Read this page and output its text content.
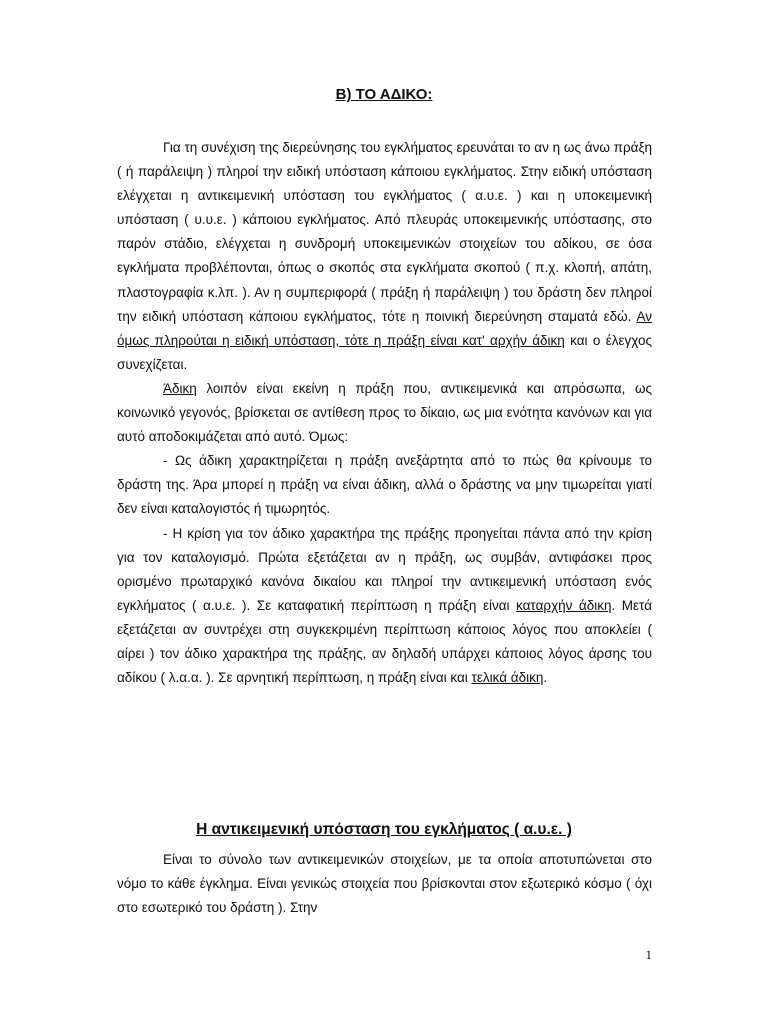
Β) ΤΟ ΑΔΙΚΟ:

Για τη συνέχιση της διερεύνησης του εγκλήματος ερευνάται το αν η ως άνω πράξη ( ή παράλειψη ) πληροί την ειδική υπόσταση κάποιου εγκλήματος. Στην ειδική υπόσταση ελέγχεται η αντικειμενική υπόσταση του εγκλήματος ( α.υ.ε. ) και η υποκειμενική υπόσταση ( υ.υ.ε. ) κάποιου εγκλήματος. Από πλευράς υποκειμενικής υπόστασης, στο παρόν στάδιο, ελέγχεται η συνδρομή υποκειμενικών στοιχείων του αδίκου, σε όσα εγκλήματα προβλέπονται, όπως ο σκοπός στα εγκλήματα σκοπού ( π.χ. κλοπή, απάτη, πλαστογραφία κ.λπ. ). Αν η συμπεριφορά ( πράξη ή παράλειψη ) του δράστη δεν πληροί την ειδική υπόσταση κάποιου εγκλήματος, τότε η ποινική διερεύνηση σταματά εδώ. Αν όμως πληρούται η ειδική υπόσταση, τότε η πράξη είναι κατ' αρχήν άδικη και ο έλεγχος συνεχίζεται.

Άδικη λοιπόν είναι εκείνη η πράξη που, αντικειμενικά και απρόσωπα, ως κοινωνικό γεγονός, βρίσκεται σε αντίθεση προς το δίκαιο, ως μια ενότητα κανόνων και για αυτό αποδοκιμάζεται από αυτό. Όμως:

- Ως άδικη χαρακτηρίζεται η πράξη ανεξάρτητα από το πώς θα κρίνουμε το δράστη της. Άρα μπορεί η πράξη να είναι άδικη, αλλά ο δράστης να μην τιμωρείται γιατί δεν είναι καταλογιστός ή τιμωρητός.

- Η κρίση για τον άδικο χαρακτήρα της πράξης προηγείται πάντα από την κρίση για τον καταλογισμό. Πρώτα εξετάζεται αν η πράξη, ως συμβάν, αντιφάσκει προς ορισμένο πρωταρχικό κανόνα δικαίου και πληροί την αντικειμενική υπόσταση ενός εγκλήματος ( α.υ.ε. ). Σε καταφατική περίπτωση η πράξη είναι καταρχήν άδικη. Μετά εξετάζεται αν συντρέχει στη συγκεκριμένη περίπτωση κάποιος λόγος που αποκλείει ( αίρει ) τον άδικο χαρακτήρα της πράξης, αν δηλαδή υπάρχει κάποιος λόγος άρσης του αδίκου ( λ.α.α. ). Σε αρνητική περίπτωση, η πράξη είναι και τελικά άδικη.

Η αντικειμενική υπόσταση του εγκλήματος ( α.υ.ε. )

Είναι το σύνολο των αντικειμενικών στοιχείων, με τα οποία αποτυπώνεται στο νόμο το κάθε έγκλημα. Είναι γενικώς στοιχεία που βρίσκονται στον εξωτερικό κόσμο ( όχι στο εσωτερικό του δράστη ). Στην

1
